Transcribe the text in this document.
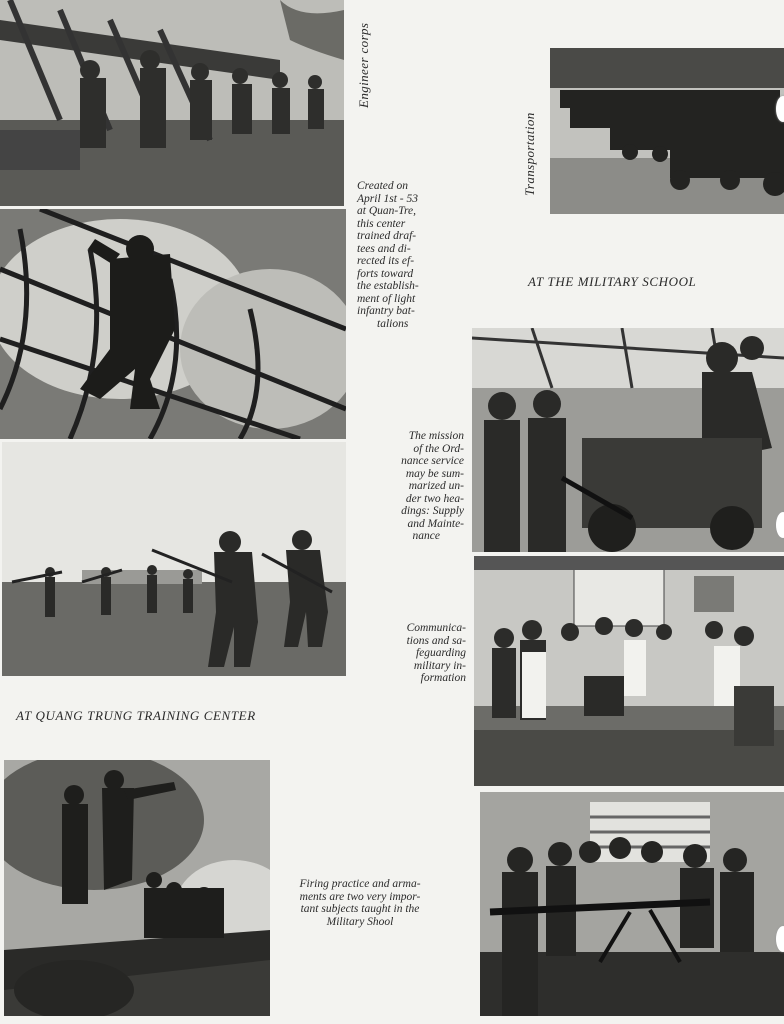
Engineer corps

Transportation

AT THE MILITARY SCHOOL

AT QUANG TRUNG TRAINING CENTER

Created on
April 1st - 53
at Quan-Tre,
this center
trained draf-
tees and di-
rected its ef-
forts toward
the establish-
ment of light
infantry bat-
talions
The mission
of the Ord-
nance service
may be sum-
marized un-
der two hea-
dings: Supply
and Mainte-
nance
Communica-
tions and sa-
feguarding
military in-
formation
Firing practice and arma-
ments are two very impor-
tant subjects taught in the
Military Shool
